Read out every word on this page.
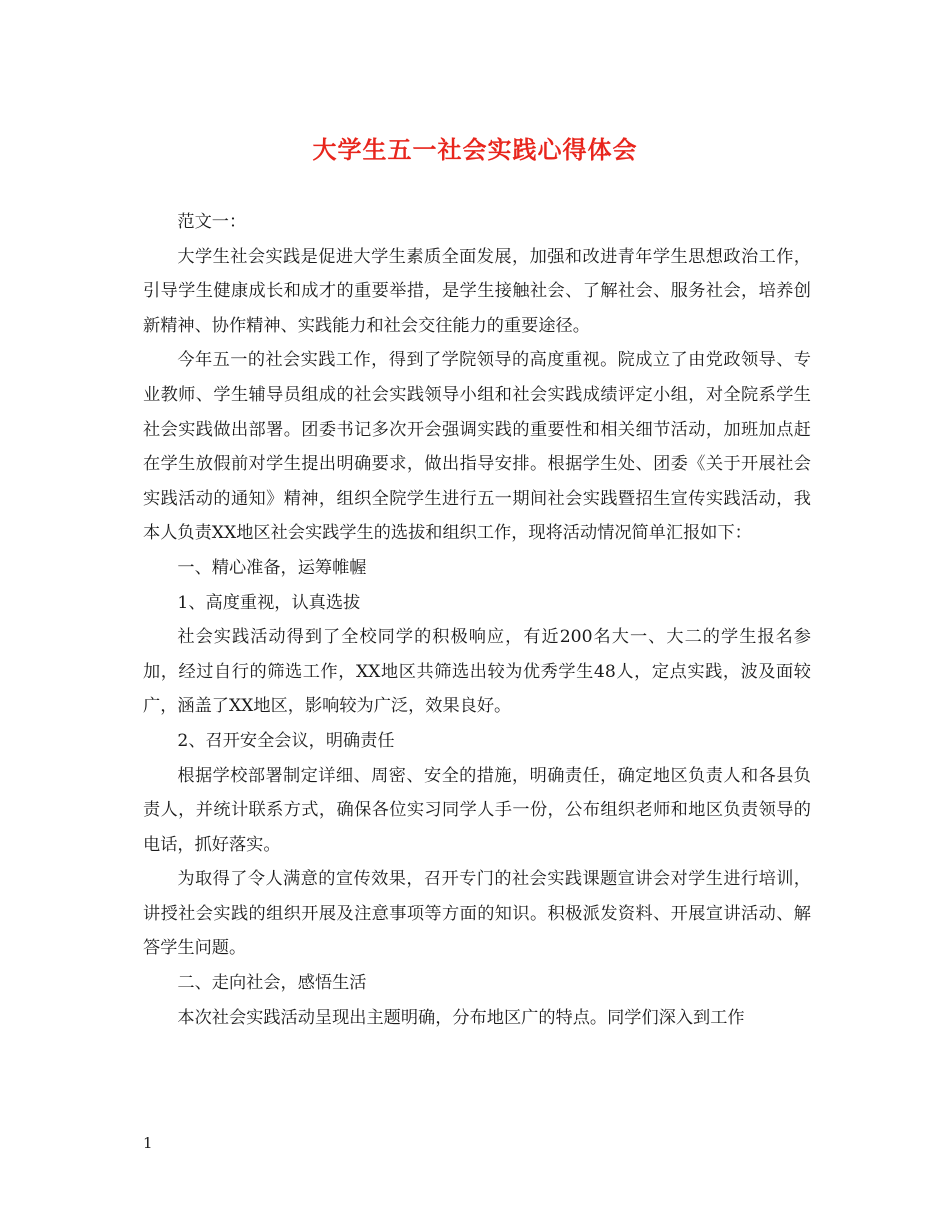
大学生五一社会实践心得体会

范文一：

大学生社会实践是促进大学生素质全面发展，加强和改进青年学生思想政治工作，引导学生健康成长和成才的重要举措，是学生接触社会、了解社会、服务社会，培养创新精神、协作精神、实践能力和社会交往能力的重要途径。

今年五一的社会实践工作，得到了学院领导的高度重视。院成立了由党政领导、专业教师、学生辅导员组成的社会实践领导小组和社会实践成绩评定小组，对全院系学生社会实践做出部署。团委书记多次开会强调实践的重要性和相关细节活动，加班加点赶在学生放假前对学生提出明确要求，做出指导安排。根据学生处、团委《关于开展社会实践活动的通知》精神，组织全院学生进行五一期间社会实践暨招生宣传实践活动，我本人负责XX地区社会实践学生的选拔和组织工作，现将活动情况简单汇报如下：

一、精心准备，运筹帷幄

1、高度重视，认真选拔

社会实践活动得到了全校同学的积极响应，有近200名大一、大二的学生报名参加，经过自行的筛选工作，XX地区共筛选出较为优秀学生48人，定点实践，波及面较广，涵盖了XX地区，影响较为广泛，效果良好。

2、召开安全会议，明确责任

根据学校部署制定详细、周密、安全的措施，明确责任，确定地区负责人和各县负责人，并统计联系方式，确保各位实习同学人手一份，公布组织老师和地区负责领导的电话，抓好落实。

为取得了令人满意的宣传效果，召开专门的社会实践课题宣讲会对学生进行培训，讲授社会实践的组织开展及注意事项等方面的知识。积极派发资料、开展宣讲活动、解答学生问题。

二、走向社会，感悟生活

本次社会实践活动呈现出主题明确，分布地区广的特点。同学们深入到工作

1
